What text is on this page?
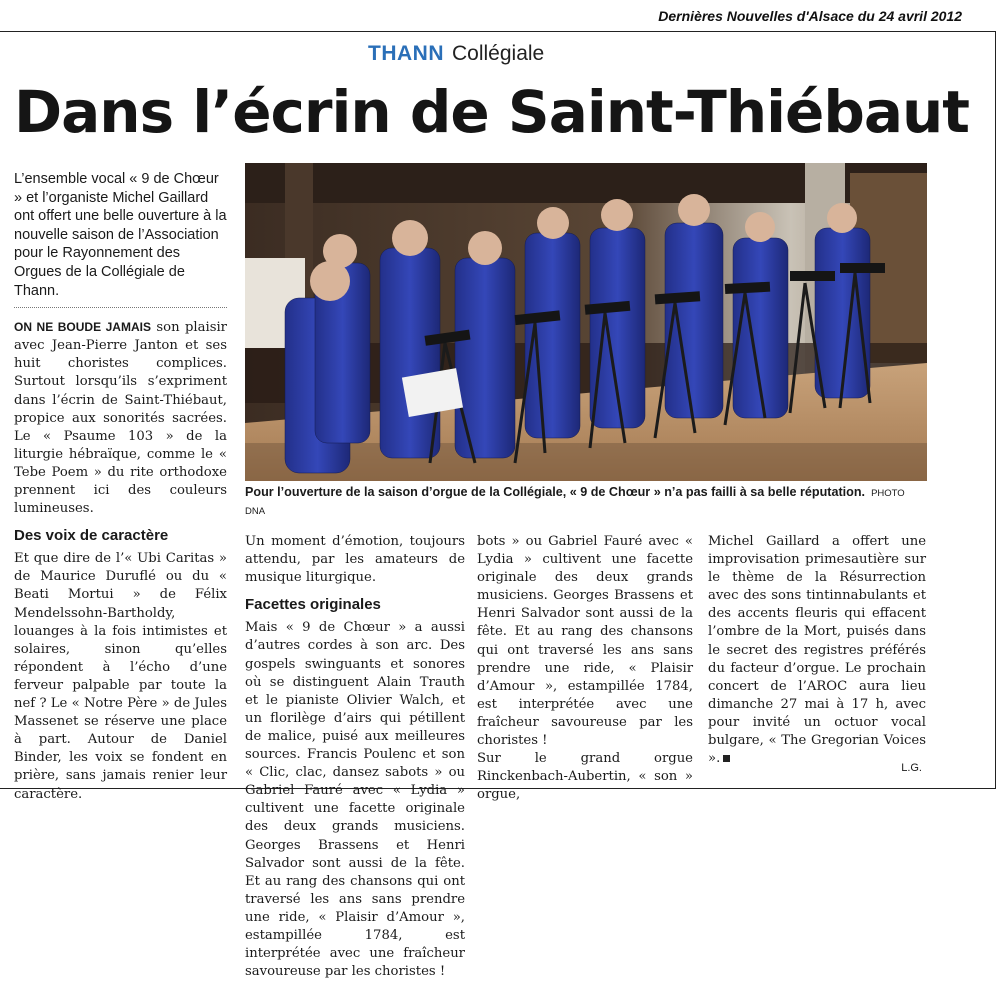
Dernières Nouvelles d'Alsace du 24 avril 2012
THANN Collégiale
Dans l’écrin de Saint-Thiébaut

L’ensemble vocal « 9 de Chœur » et l’organiste Michel Gaillard ont offert une belle ouverture à la nouvelle saison de l’Association pour le Rayonnement des Orgues de la Collégiale de Thann.

ON NE BOUDE JAMAIS son plaisir avec Jean-Pierre Janton et ses huit choristes complices. Surtout lorsqu’ils s’expriment dans l’écrin de Saint-Thiébaut, propice aux sonorités sacrées. Le « Psaume 103 » de la liturgie hébraïque, comme le « Tebe Poem » du rite orthodoxe prennent ici des couleurs lumineuses.

Des voix de caractère

Et que dire de l’« Ubi Caritas » de Maurice Duruflé ou du « Beati Mortui » de Félix Mendelssohn-Bartholdy, louanges à la fois intimistes et solaires, sinon qu’elles répondent à l’écho d’une ferveur palpable par toute la nef ? Le « Notre Père » de Jules Massenet se réserve une place à part. Autour de Daniel Binder, les voix se fondent en prière, sans jamais renier leur caractère.

Pour l’ouverture de la saison d’orgue de la Collégiale, « 9 de Chœur » n’a pas failli à sa belle réputation. PHOTO DNA

Un moment d’émotion, toujours attendu, par les amateurs de musique liturgique.

Facettes originales

Mais « 9 de Chœur » a aussi d’autres cordes à son arc. Des gospels swinguants et sonores où se distinguent Alain Trauth et le pianiste Olivier Walch, et un florilège d’airs qui pétillent de malice, puisé aux meilleures sources. Francis Poulenc et son « Clic, clac, dansez sabots » ou Gabriel Fauré avec « Lydia » cultivent une facette originale des deux grands musiciens. Georges Brassens et Henri Salvador sont aussi de la fête. Et au rang des chansons qui ont traversé les ans sans prendre une ride, « Plaisir d’Amour », estampillée 1784, est interprétée avec une fraîcheur savoureuse par les choristes !

bots » ou Gabriel Fauré avec « Lydia » cultivent une facette originale des deux grands musiciens. Georges Brassens et Henri Salvador sont aussi de la fête. Et au rang des chansons qui ont traversé les ans sans prendre une ride, « Plaisir d’Amour », estampillée 1784, est interprétée avec une fraîcheur savoureuse par les choristes !

Sur le grand orgue Rinckenbach-Aubertin, « son » orgue,

Michel Gaillard a offert une improvisation primesautière sur le thème de la Résurrection avec des sons tintinnabulants et des accents fleuris qui effacent l’ombre de la Mort, puisés dans le secret des registres préférés du facteur d’orgue. Le prochain concert de l’AROC aura lieu dimanche 27 mai à 17 h, avec pour invité un octuor vocal bulgare, « The Gregorian Voices ».

L.G.
